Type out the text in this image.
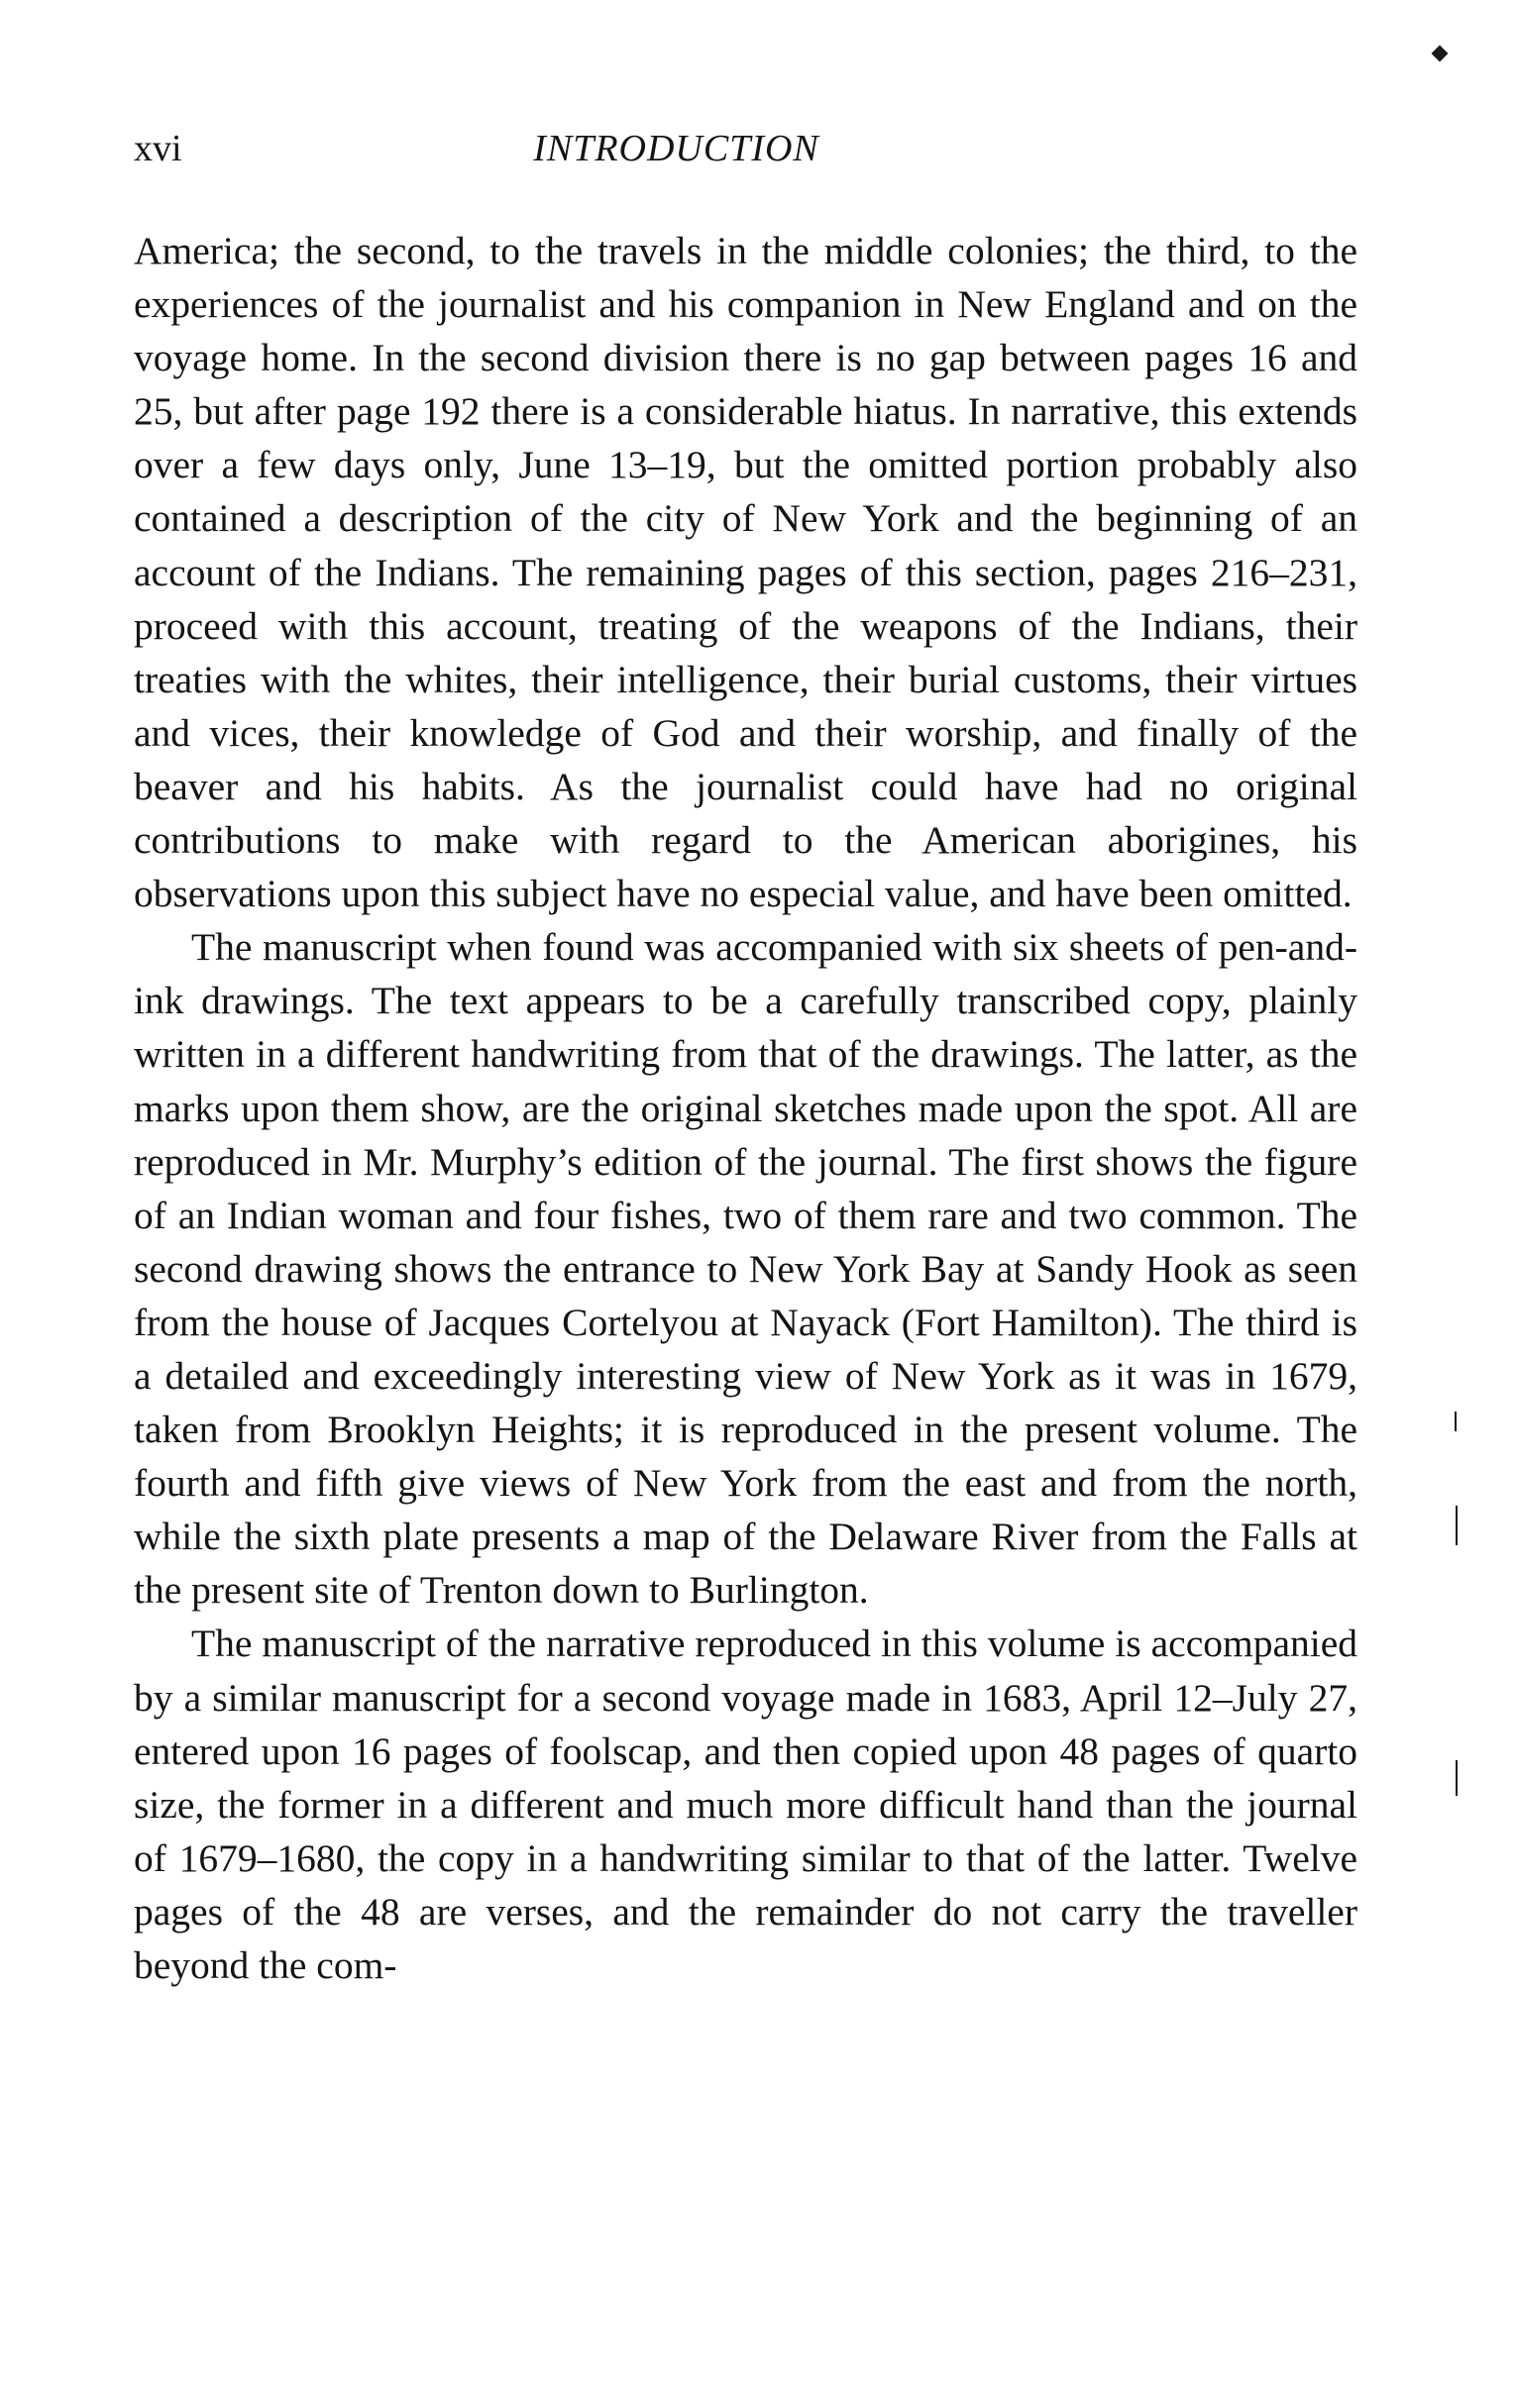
xvi	INTRODUCTION

America; the second, to the travels in the middle colonies; the third, to the experiences of the journalist and his companion in New England and on the voyage home. In the second division there is no gap between pages 16 and 25, but after page 192 there is a considerable hiatus. In narrative, this extends over a few days only, June 13–19, but the omitted portion probably also contained a description of the city of New York and the beginning of an account of the Indians. The remaining pages of this section, pages 216–231, proceed with this account, treating of the weapons of the Indians, their treaties with the whites, their intelligence, their burial customs, their virtues and vices, their knowledge of God and their worship, and finally of the beaver and his habits. As the journalist could have had no original contributions to make with regard to the American aborigines, his observations upon this subject have no especial value, and have been omitted.

The manuscript when found was accompanied with six sheets of pen-and-ink drawings. The text appears to be a carefully transcribed copy, plainly written in a different handwriting from that of the drawings. The latter, as the marks upon them show, are the original sketches made upon the spot. All are reproduced in Mr. Murphy’s edition of the journal. The first shows the figure of an Indian woman and four fishes, two of them rare and two common. The second drawing shows the entrance to New York Bay at Sandy Hook as seen from the house of Jacques Cortelyou at Nayack (Fort Hamilton). The third is a detailed and exceedingly interesting view of New York as it was in 1679, taken from Brooklyn Heights; it is reproduced in the present volume. The fourth and fifth give views of New York from the east and from the north, while the sixth plate presents a map of the Delaware River from the Falls at the present site of Trenton down to Burlington.

The manuscript of the narrative reproduced in this volume is accompanied by a similar manuscript for a second voyage made in 1683, April 12–July 27, entered upon 16 pages of foolscap, and then copied upon 48 pages of quarto size, the former in a different and much more difficult hand than the journal of 1679–1680, the copy in a handwriting similar to that of the latter. Twelve pages of the 48 are verses, and the remainder do not carry the traveller beyond the com-
